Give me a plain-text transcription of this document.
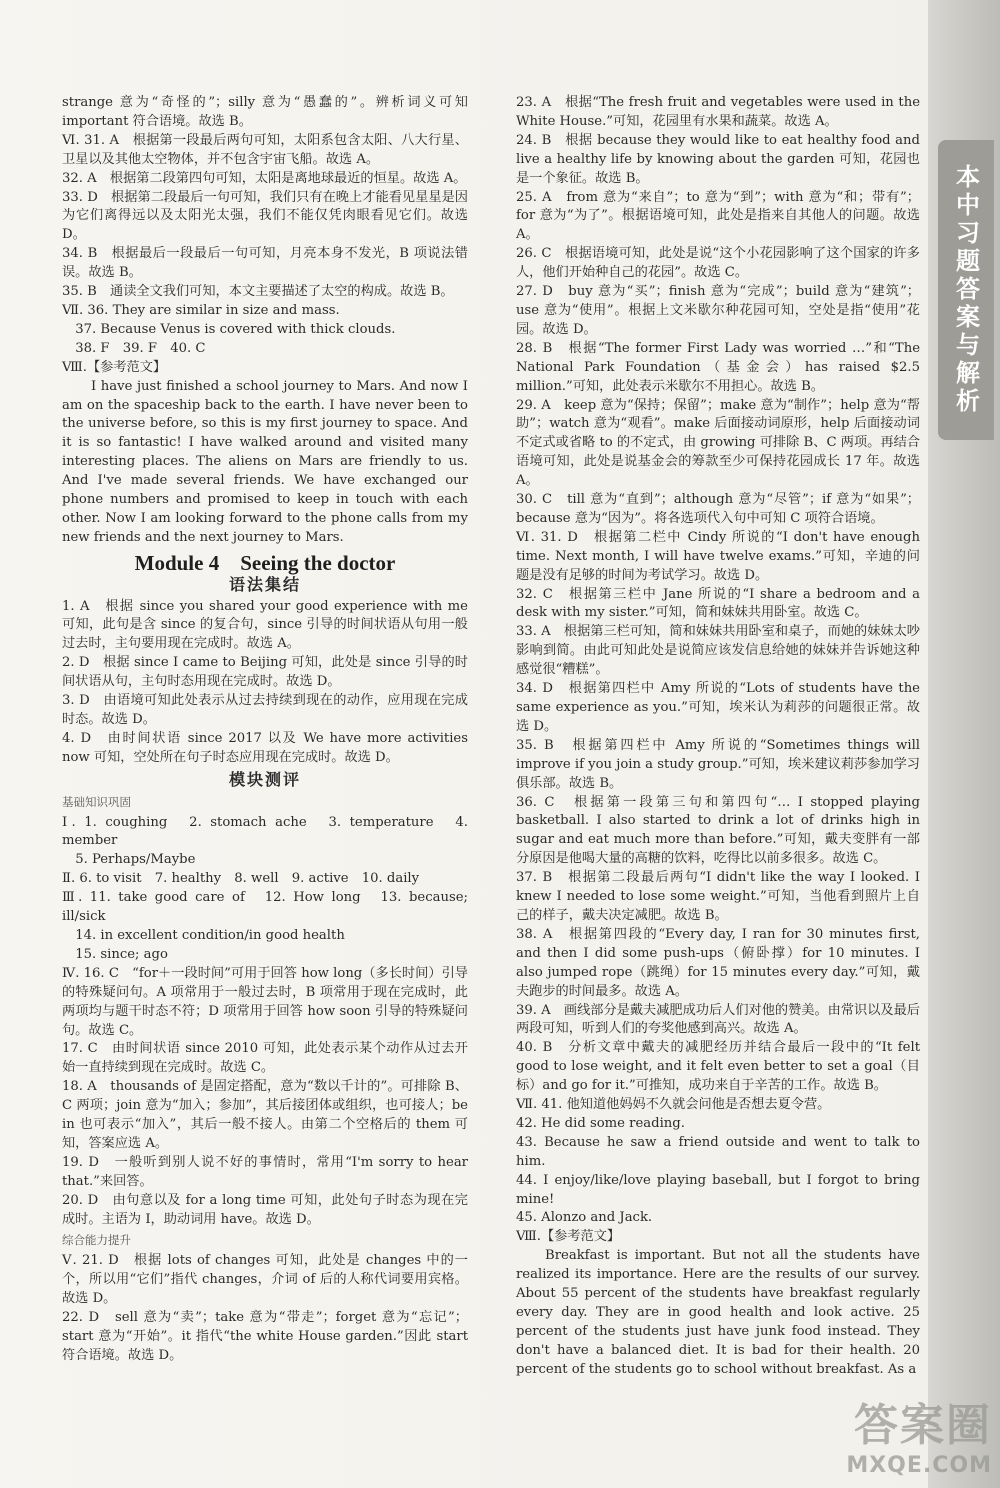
strange 意为“奇怪的”；silly 意为“愚蠢的”。辨析词义可知 important 符合语境。故选 B。

Ⅵ. 31. A　根据第一段最后两句可知，太阳系包含太阳、八大行星、卫星以及其他太空物体，并不包含宇宙飞船。故选 A。

32. A　根据第二段第四句可知，太阳是离地球最近的恒星。故选 A。

33. D　根据第二段最后一句可知，我们只有在晚上才能看见星星是因为它们离得远以及太阳光太强，我们不能仅凭肉眼看见它们。故选 D。

34. B　根据最后一段最后一句可知，月亮本身不发光，B 项说法错误。故选 B。

35. B　通读全文我们可知，本文主要描述了太空的构成。故选 B。

Ⅶ. 36. They are similar in size and mass.

37. Because Venus is covered with thick clouds.

38. F　39. F　40. C

Ⅷ.【参考范文】

I have just finished a school journey to Mars. And now I am on the spaceship back to the earth. I have never been to the universe before, so this is my first journey to space. And it is so fantastic! I have walked around and visited many interesting places. The aliens on Mars are friendly to us. And I've made several friends. We have exchanged our phone numbers and promised to keep in touch with each other. Now I am looking forward to the phone calls from my new friends and the next journey to Mars.

Module 4　Seeing the doctor
语法集结

1. A　根据 since you shared your good experience with me 可知，此句是含 since 的复合句，since 引导的时间状语从句用一般过去时，主句要用现在完成时。故选 A。

2. D　根据 since I came to Beijing 可知，此处是 since 引导的时间状语从句，主句时态用现在完成时。故选 D。

3. D　由语境可知此处表示从过去持续到现在的动作，应用现在完成时态。故选 D。

4. D　由时间状语 since 2017 以及 We have more activities now 可知，空处所在句子时态应用现在完成时。故选 D。

模块测评
基础知识巩固

Ⅰ. 1. coughing　2. stomach ache　3. temperature　4. member

5. Perhaps/Maybe

Ⅱ. 6. to visit　7. healthy　8. well　9. active　10. daily

Ⅲ. 11. take good care of　12. How long　13. because; ill/sick

14. in excellent condition/in good health

15. since; ago

Ⅳ. 16. C　“for＋一段时间”可用于回答 how long（多长时间）引导的特殊疑问句。A 项常用于一般过去时，B 项常用于现在完成时，此两项均与题干时态不符；D 项常用于回答 how soon 引导的特殊疑问句。故选 C。

17. C　由时间状语 since 2010 可知，此处表示某个动作从过去开始一直持续到现在完成时。故选 C。

18. A　thousands of 是固定搭配，意为“数以千计的”。可排除 B、C 两项；join 意为“加入；参加”，其后接团体或组织，也可接人；be in 也可表示“加入”，其后一般不接人。由第二个空格后的 them 可知，答案应选 A。

19. D　一般听到别人说不好的事情时，常用“I'm sorry to hear that.”来回答。

20. D　由句意以及 for a long time 可知，此处句子时态为现在完成时。主语为 I，助动词用 have。故选 D。

综合能力提升

Ⅴ. 21. D　根据 lots of changes 可知，此处是 changes 中的一个，所以用“它们”指代 changes，介词 of 后的人称代词要用宾格。故选 D。

22. D　sell 意为“卖”；take 意为“带走”；forget 意为“忘记”；start 意为“开始”。it 指代“the white House garden.”因此 start 符合语境。故选 D。

23. A　根据“The fresh fruit and vegetables were used in the White House.”可知，花园里有水果和蔬菜。故选 A。

24. B　根据 because they would like to eat healthy food and live a healthy life by knowing about the garden 可知，花园也是一个象征。故选 B。

25. A　from 意为“来自”；to 意为“到”；with 意为“和；带有”；for 意为“为了”。根据语境可知，此处是指来自其他人的问题。故选 A。

26. C　根据语境可知，此处是说“这个小花园影响了这个国家的许多人，他们开始种自己的花园”。故选 C。

27. D　buy 意为“买”；finish 意为“完成”；build 意为“建筑”；use 意为“使用”。根据上文米歇尔种花园可知，空处是指“使用”花园。故选 D。

28. B　根据“The former First Lady was worried …”和“The National Park Foundation（基金会）has raised $2.5 million.”可知，此处表示米歇尔不用担心。故选 B。

29. A　keep 意为“保持；保留”；make 意为“制作”；help 意为“帮助”；watch 意为“观看”。make 后面接动词原形，help 后面接动词不定式或省略 to 的不定式，由 growing 可排除 B、C 两项。再结合语境可知，此处是说基金会的筹款至少可保持花园成长 17 年。故选 A。

30. C　till 意为“直到”；although 意为“尽管”；if 意为“如果”；because 意为“因为”。将各选项代入句中可知 C 项符合语境。

Ⅵ. 31. D　根据第二栏中 Cindy 所说的“I don't have enough time. Next month, I will have twelve exams.”可知，辛迪的问题是没有足够的时间为考试学习。故选 D。

32. C　根据第三栏中 Jane 所说的“I share a bedroom and a desk with my sister.”可知，简和妹妹共用卧室。故选 C。

33. A　根据第三栏可知，简和妹妹共用卧室和桌子，而她的妹妹太吵影响到简。由此可知此处是说简应该发信息给她的妹妹并告诉她这种感觉很“糟糕”。

34. D　根据第四栏中 Amy 所说的“Lots of students have the same experience as you.”可知，埃米认为莉莎的问题很正常。故选 D。

35. B　根据第四栏中 Amy 所说的“Sometimes things will improve if you join a study group.”可知，埃米建议莉莎参加学习俱乐部。故选 B。

36. C　根据第一段第三句和第四句“… I stopped playing basketball. I also started to drink a lot of drinks high in sugar and eat much more than before.”可知，戴夫变胖有一部分原因是他喝大量的高糖的饮料，吃得比以前多很多。故选 C。

37. B　根据第二段最后两句“I didn't like the way I looked. I knew I needed to lose some weight.”可知，当他看到照片上自己的样子，戴夫决定减肥。故选 B。

38. A　根据第四段的“Every day, I ran for 30 minutes first, and then I did some push-ups（俯卧撑）for 10 minutes. I also jumped rope（跳绳）for 15 minutes every day.”可知，戴夫跑步的时间最多。故选 A。

39. A　画线部分是戴夫减肥成功后人们对他的赞美。由常识以及最后两段可知，听到人们的夸奖他感到高兴。故选 A。

40. B　分析文章中戴夫的减肥经历并结合最后一段中的“It felt good to lose weight, and it felt even better to set a goal（目标）and go for it.”可推知，成功来自于辛苦的工作。故选 B。

Ⅶ. 41. 他知道他妈妈不久就会问他是否想去夏令营。

42. He did some reading.

43. Because he saw a friend outside and went to talk to him.

44. I enjoy/like/love playing baseball, but I forgot to bring mine!

45. Alonzo and Jack.

Ⅷ.【参考范文】

Breakfast is important. But not all the students have realized its importance. Here are the results of our survey. About 55 percent of the students have breakfast regularly every day. They are in good health and look active. 25 percent of the students just have junk food instead. They don't have a balanced diet. It is bad for their health. 20 percent of the students go to school without breakfast. As a

本中习题答案与解析
答案圈
MXQE.COM
